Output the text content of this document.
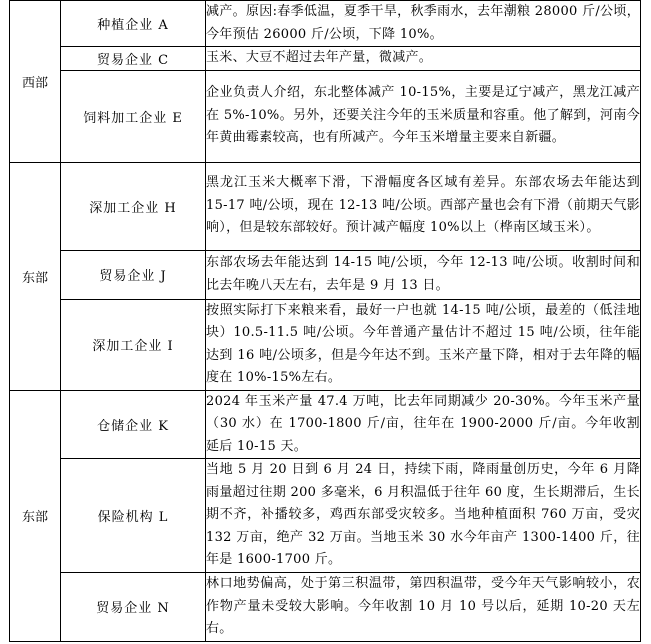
西部	种植企业 A	减产。原因:春季低温，夏季干旱，秋季雨水，去年潮粮 28000 斤/公顷，今年预估 26000 斤/公顷，下降 10%。
	贸易企业 C	玉米、大豆不超过去年产量，微减产。
	饲料加工企业 E	企业负责人介绍，东北整体减产 10-15%，主要是辽宁减产，黑龙江减产在 5%-10%。另外，还要关注今年的玉米质量和容重。他了解到，河南今年黄曲霉素较高，也有所减产。今年玉米增量主要来自新疆。
东部	深加工企业 H	黑龙江玉米大概率下滑，下滑幅度各区域有差异。东部农场去年能达到 15-17 吨/公顷，现在 12-13 吨/公顷。西部产量也会有下滑（前期天气影响），但是较东部较好。预计减产幅度 10%以上（桦南区域玉米）。
	贸易企业 J	东部农场去年能达到 14-15 吨/公顷，今年 12-13 吨/公顷。收割时间和比去年晚八天左右，去年是 9 月 13 日。
	深加工企业 I	按照实际打下来粮来看，最好一户也就 14-15 吨/公顷，最差的（低洼地块）10.5-11.5 吨/公顷。今年普通产量估计不超过 15 吨/公顷，往年能达到 16 吨/公顷多，但是今年达不到。玉米产量下降，相对于去年降的幅度在 10%-15%左右。
东部	仓储企业 K	2024 年玉米产量 47.4 万吨，比去年同期减少 20-30%。今年玉米产量（30 水）在 1700-1800 斤/亩，往年在 1900-2000 斤/亩。今年收割延后 10-15 天。
	保险机构 L	当地 5 月 20 日到 6 月 24 日，持续下雨，降雨量创历史，今年 6 月降雨量超过往期 200 多毫米，6 月积温低于往年 60 度，生长期滞后，生长期不齐，补播较多，鸡西东部受灾较多。当地种植面积 760 万亩，受灾 132 万亩，绝产 32 万亩。当地玉米 30 水今年亩产 1300-1400 斤，往年是 1600-1700 斤。
	贸易企业 N	林口地势偏高，处于第三积温带，第四积温带，受今年天气影响较小，农作物产量未受较大影响。今年收割 10 月 10 号以后，延期 10-20 天左右。
